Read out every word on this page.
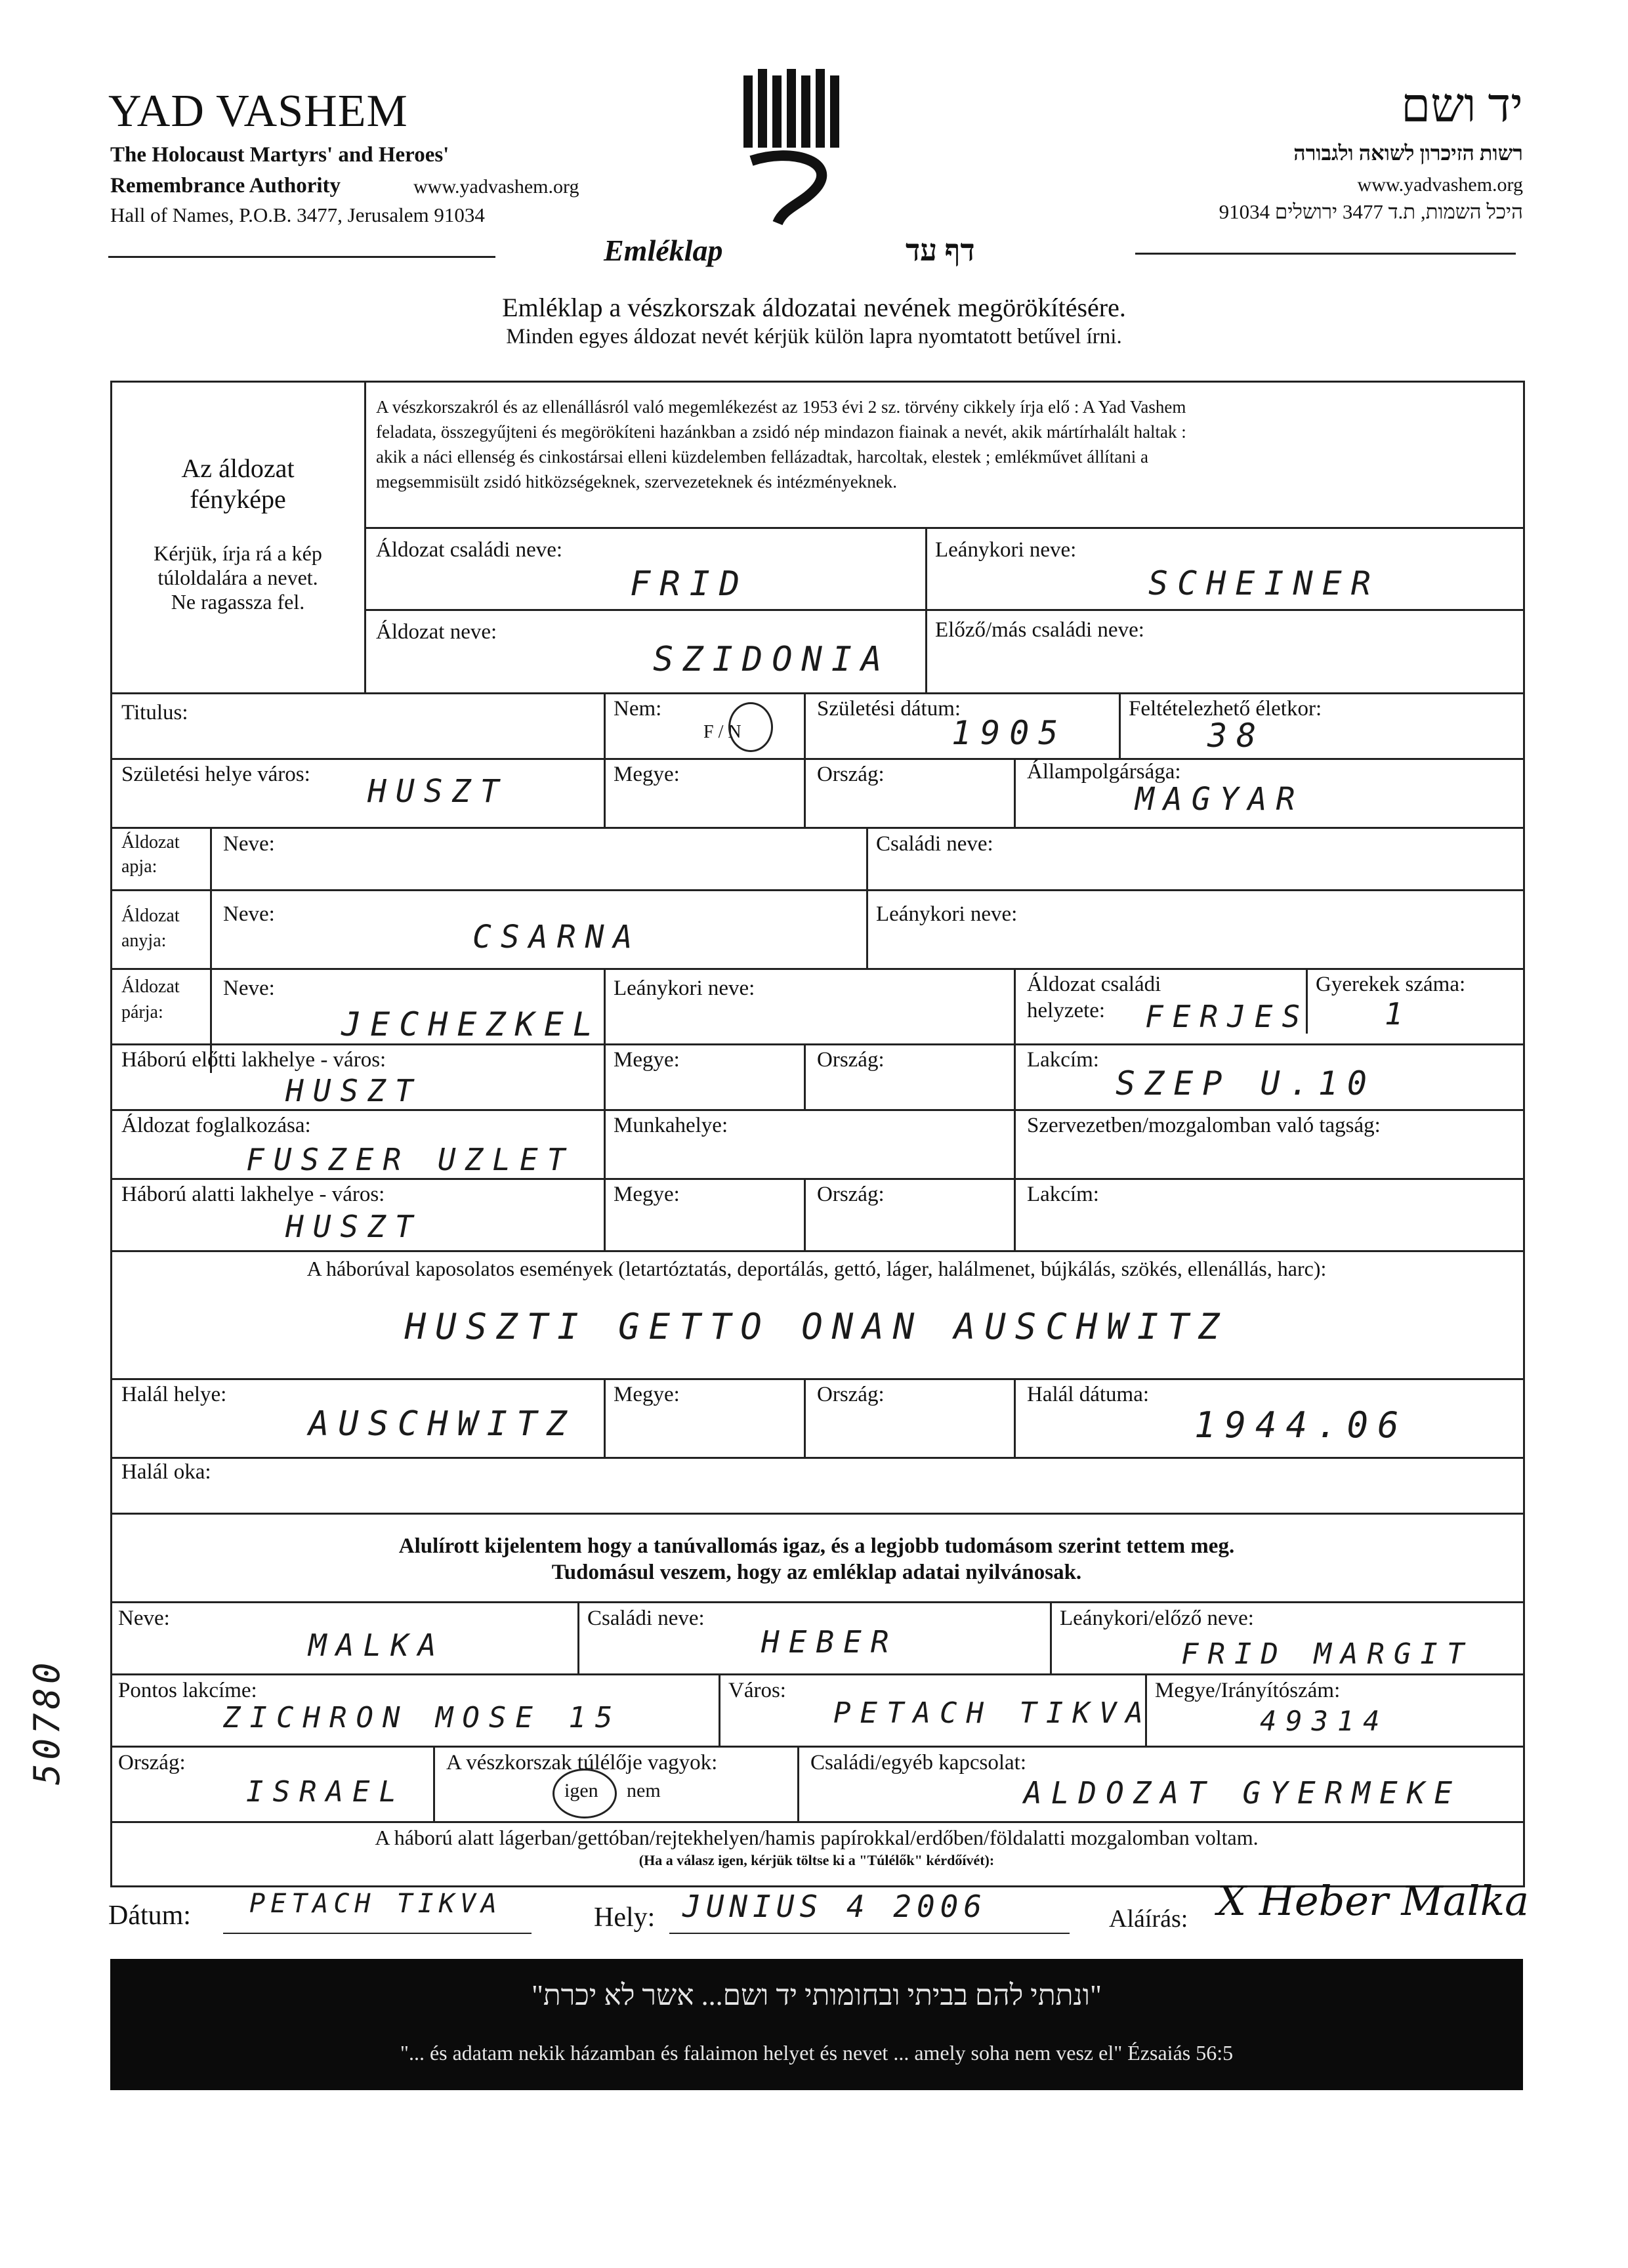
YAD VASHEM
The Holocaust Martyrs' and Heroes'
Remembrance Authority	www.yadvashem.org
Hall of Names, P.O.B. 3477, Jerusalem 91034
יד ושם
רשות הזיכרון לשואה ולגבורה
www.yadvashem.org
היכל השמות, ת.ד 3477 ירושלים 91034
Emléklap	דף עד
Emléklap a vészkorszak áldozatai nevének megörökítésére.
Minden egyes áldozat nevét kérjük külön lapra nyomtatott betűvel írni.
Az áldozat
fényképe
Kérjük, írja rá a kép
túloldalára a nevet.
Ne ragassza fel.
A vészkorszakról és az ellenállásról való megemlékezést az 1953 évi 2 sz. törvény cikkely írja elő : A Yad Vashem
feladata, összegyűjteni és megörökíteni hazánkban a zsidó nép mindazon fiainak a nevét, akik mártírhalált haltak :
akik a náci ellenség és cinkostársai elleni küzdelemben fellázadtak, harcoltak, elestek ; emlékművet állítani a
megsemmisült zsidó hitközségeknek, szervezeteknek és intézményeknek.
Áldozat családi neve:
FRID
Leánykori neve:
SCHEINER
Áldozat neve:
SZIDONIA
Előző/más családi neve:
Titulus:	Nem:
F / N
Születési dátum:
1905
Feltételezhető életkor:
38
Születési helye város: HUSZT	Megye:	Ország:	Állampolgársága:
MAGYAR
Áldozat
apja:
Neve:	Családi neve:
Áldozat
anyja:
Neve:
CSARNA
Leánykori neve:
Áldozat
párja:
Neve:
JECHEZKEL
Leánykori neve:	Áldozat családi
helyzete: FERJES
Gyerekek száma:
1
Háború előtti lakhelye - város:
HUSZT
Megye:	Ország:	Lakcím:
SZEP U.10
Áldozat foglalkozása:
FUSZER UZLET
Munkahelye:	Szervezetben/mozgalomban való tagság:
Háború alatti lakhelye - város:
HUSZT
Megye:	Ország:	Lakcím:
A háborúval kaposolatos események (letartóztatás, deportálás, gettó, láger, halálmenet, bújkálás, szökés, ellenállás, harc):
HUSZTI GETTO ONAN AUSCHWITZ
Halál helye:
AUSCHWITZ
Megye:	Ország:	Halál dátuma:
1944.06
Halál oka:
Alulírott kijelentem hogy a tanúvallomás igaz, és a legjobb tudomásom szerint tettem meg.
Tudomásul veszem, hogy az emléklap adatai nyilvánosak.
Neve:
MALKA
Családi neve:
HEBER
Leánykori/előző neve:
FRID MARGIT
Pontos lakcíme:
ZICHRON MOSE 15
Város:
PETACH TIKVA
Megye/Irányítószám:
49314
Ország:
ISRAEL
A vészkorszak túlélője vagyok:
igen nem
Családi/egyéb kapcsolat:
ALDOZAT GYERMEKE
A háború alatt lágerban/gettóban/rejtekhelyen/hamis papírokkal/erdőben/földalatti mozgalomban voltam.
(Ha a válasz igen, kérjük töltse ki a "Túlélők" kérdőívét):
50780
Dátum: PETACH TIKVA	Hely: JUNIUS 4 2006	Aláírás: X Heber Malka
"ונתתי להם בביתי ובחומותי יד ושם... אשר לא יכרת"
"... és adatam nekik házamban és falaimon helyet és nevet ... amely soha nem vesz el" Ézsaiás 56:5
